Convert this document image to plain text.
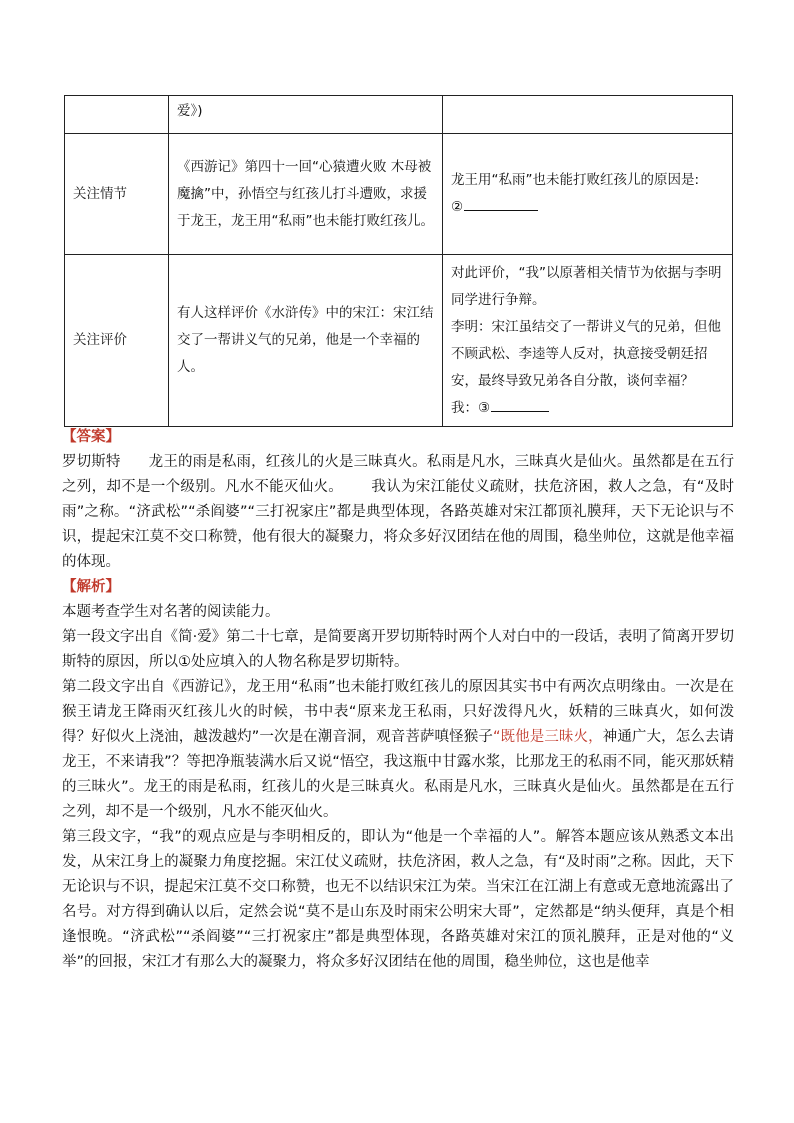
	爱》)	
关注情节	《西游记》第四十一回“心猿遭火败 木母被魔擒”中，孙悟空与红孩儿打斗遭败，求援于龙王，龙王用“私雨”也未能打败红孩儿。	龙王用“私雨”也未能打败红孩儿的原因是:
②

关注评价	有人这样评价《水浒传》中的宋江：宋江结交了一帮讲义气的兄弟，他是一个幸福的人。	对此评价，“我”以原著相关情节为依据与李明同学进行争辩。
李明：宋江虽结交了一帮讲义气的兄弟，但他不顾武松、李逵等人反对，执意接受朝廷招安，最终导致兄弟各自分散，谈何幸福？
我：③

【答案】

罗切斯特 龙王的雨是私雨，红孩儿的火是三昧真火。私雨是凡水，三昧真火是仙火。虽然都是在五行之列，却不是一个级别。凡水不能灭仙火。 我认为宋江能仗义疏财，扶危济困，救人之急，有“及时雨”之称。“济武松”“杀阎婆”“三打祝家庄”都是典型体现，各路英雄对宋江都顶礼膜拜，天下无论识与不识，提起宋江莫不交口称赞，他有很大的凝聚力，将众多好汉团结在他的周围，稳坐帅位，这就是他幸福的体现。

【解析】

本题考查学生对名著的阅读能力。

第一段文字出自《简·爱》第二十七章，是简要离开罗切斯特时两个人对白中的一段话，表明了简离开罗切斯特的原因，所以①处应填入的人物名称是罗切斯特。

第二段文字出自《西游记》，龙王用“私雨”也未能打败红孩儿的原因其实书中有两次点明缘由。一次是在猴王请龙王降雨灭红孩儿火的时候，书中表“原来龙王私雨，只好泼得凡火，妖精的三昧真火，如何泼得？好似火上浇油，越泼越灼”一次是在潮音洞，观音菩萨嗔怪猴子“既他是三昧火，神通广大，怎么去请龙王，不来请我”？等把净瓶装满水后又说“悟空，我这瓶中甘露水浆，比那龙王的私雨不同，能灭那妖精的三昧火”。龙王的雨是私雨，红孩儿的火是三昧真火。私雨是凡水，三昧真火是仙火。虽然都是在五行之列，却不是一个级别，凡水不能灭仙火。

第三段文字，“我”的观点应是与李明相反的，即认为“他是一个幸福的人”。解答本题应该从熟悉文本出发，从宋江身上的凝聚力角度挖掘。宋江仗义疏财，扶危济困，救人之急，有“及时雨”之称。因此，天下无论识与不识，提起宋江莫不交口称赞，也无不以结识宋江为荣。当宋江在江湖上有意或无意地流露出了名号。对方得到确认以后，定然会说“莫不是山东及时雨宋公明宋大哥”，定然都是“纳头便拜，真是个相逢恨晚。“济武松”“杀阎婆”“三打祝家庄”都是典型体现，各路英雄对宋江的顶礼膜拜，正是对他的“义举”的回报，宋江才有那么大的凝聚力，将众多好汉团结在他的周围，稳坐帅位，这也是他幸
